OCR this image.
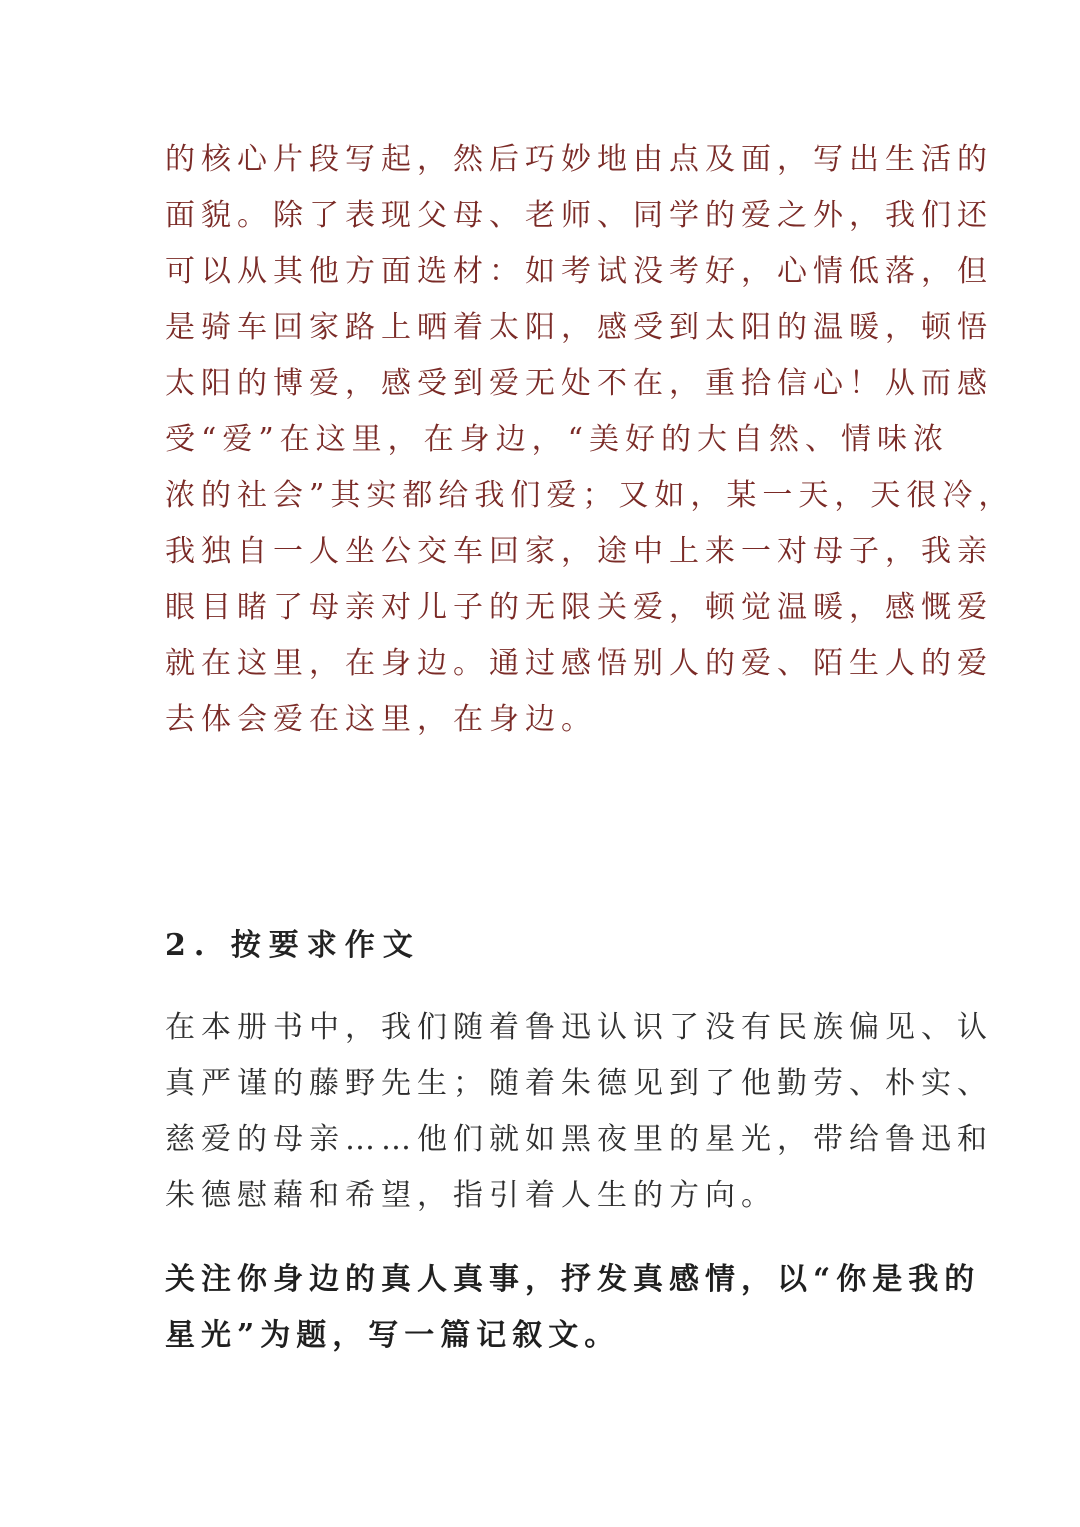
的核心片段写起，然后巧妙地由点及面，写出生活的
面貌。除了表现父母、老师、同学的爱之外，我们还
可以从其他方面选材：如考试没考好，心情低落，但
是骑车回家路上晒着太阳，感受到太阳的温暖，顿悟
太阳的博爱，感受到爱无处不在，重拾信心！从而感
受“爱”在这里，在身边，“美好的大自然、情味浓
浓的社会”其实都给我们爱；又如，某一天，天很冷，
我独自一人坐公交车回家，途中上来一对母子，我亲
眼目睹了母亲对儿子的无限关爱，顿觉温暖，感慨爱
就在这里，在身边。通过感悟别人的爱、陌生人的爱
去体会爱在这里，在身边。
2. 按要求作文
在本册书中，我们随着鲁迅认识了没有民族偏见、认
真严谨的藤野先生；随着朱德见到了他勤劳、朴实、
慈爱的母亲……他们就如黑夜里的星光，带给鲁迅和
朱德慰藉和希望，指引着人生的方向。
关注你身边的真人真事，抒发真感情，以“你是我的
星光”为题，写一篇记叙文。
